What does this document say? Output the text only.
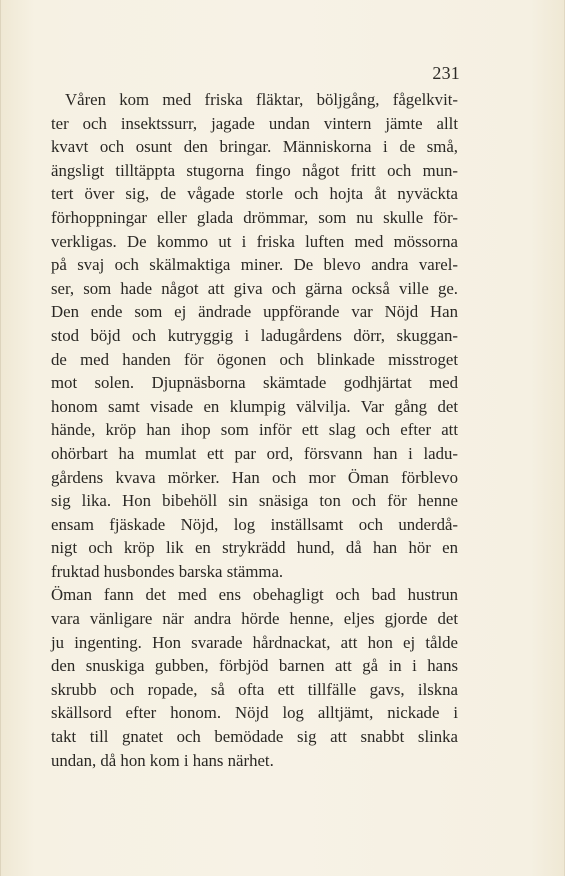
231
Våren kom med friska fläktar, böljgång, fågelkvit-
ter och insektssurr, jagade undan vintern jämte allt
kvavt och osunt den bringar. Människorna i de små,
ängsligt tilltäppta stugorna fingo något fritt och mun-
tert över sig, de vågade storle och hojta åt nyväckta
förhoppningar eller glada drömmar, som nu skulle för-
verkligas. De kommo ut i friska luften med mössorna
på svaj och skälmaktiga miner. De blevo andra varel-
ser, som hade något att giva och gärna också ville ge.
Den ende som ej ändrade uppförande var Nöjd Han
stod böjd och kutryggig i ladugårdens dörr, skuggan-
de med handen för ögonen och blinkade misstroget
mot solen. Djupnäsborna skämtade godhjärtat med
honom samt visade en klumpig välvilja. Var gång det
hände, kröp han ihop som inför ett slag och efter att
ohörbart ha mumlat ett par ord, försvann han i ladu-
gårdens kvava mörker. Han och mor Öman förblevo
sig lika. Hon bibehöll sin snäsiga ton och för henne
ensam fjäskade Nöjd, log inställsamt och underdå-
nigt och kröp lik en strykrädd hund, då han hör en
fruktad husbondes barska stämma.
Öman fann det med ens obehagligt och bad hustrun
vara vänligare när andra hörde henne, eljes gjorde det
ju ingenting. Hon svarade hårdnackat, att hon ej tålde
den snuskiga gubben, förbjöd barnen att gå in i hans
skrubb och ropade, så ofta ett tillfälle gavs, ilskna
skällsord efter honom. Nöjd log alltjämt, nickade i
takt till gnatet och bemödade sig att snabbt slinka
undan, då hon kom i hans närhet.
